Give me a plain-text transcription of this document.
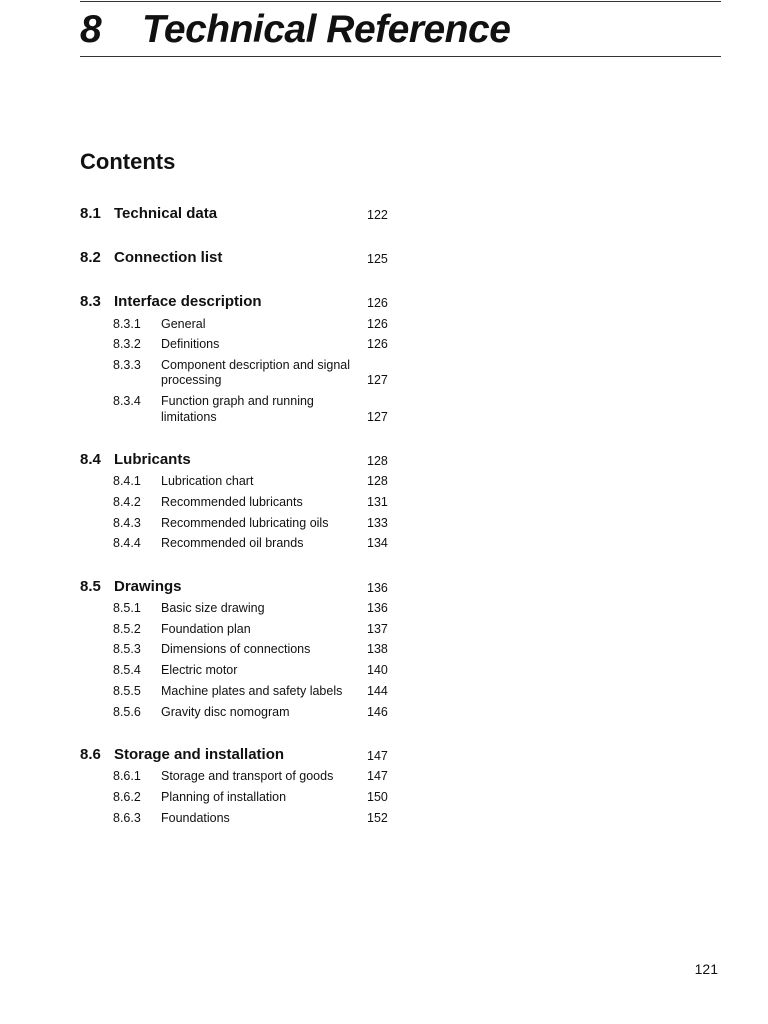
8 Technical Reference
Contents
8.1 Technical data	122
8.2 Connection list	125
8.3 Interface description	126
8.3.1 General	126
8.3.2 Definitions	126
8.3.3 Component description and signal processing	127
8.3.4 Function graph and running limitations	127
8.4 Lubricants	128
8.4.1 Lubrication chart	128
8.4.2 Recommended lubricants	131
8.4.3 Recommended lubricating oils	133
8.4.4 Recommended oil brands	134
8.5 Drawings	136
8.5.1 Basic size drawing	136
8.5.2 Foundation plan	137
8.5.3 Dimensions of connections	138
8.5.4 Electric motor	140
8.5.5 Machine plates and safety labels	144
8.5.6 Gravity disc nomogram	146
8.6 Storage and installation	147
8.6.1 Storage and transport of goods	147
8.6.2 Planning of installation	150
8.6.3 Foundations	152
121
